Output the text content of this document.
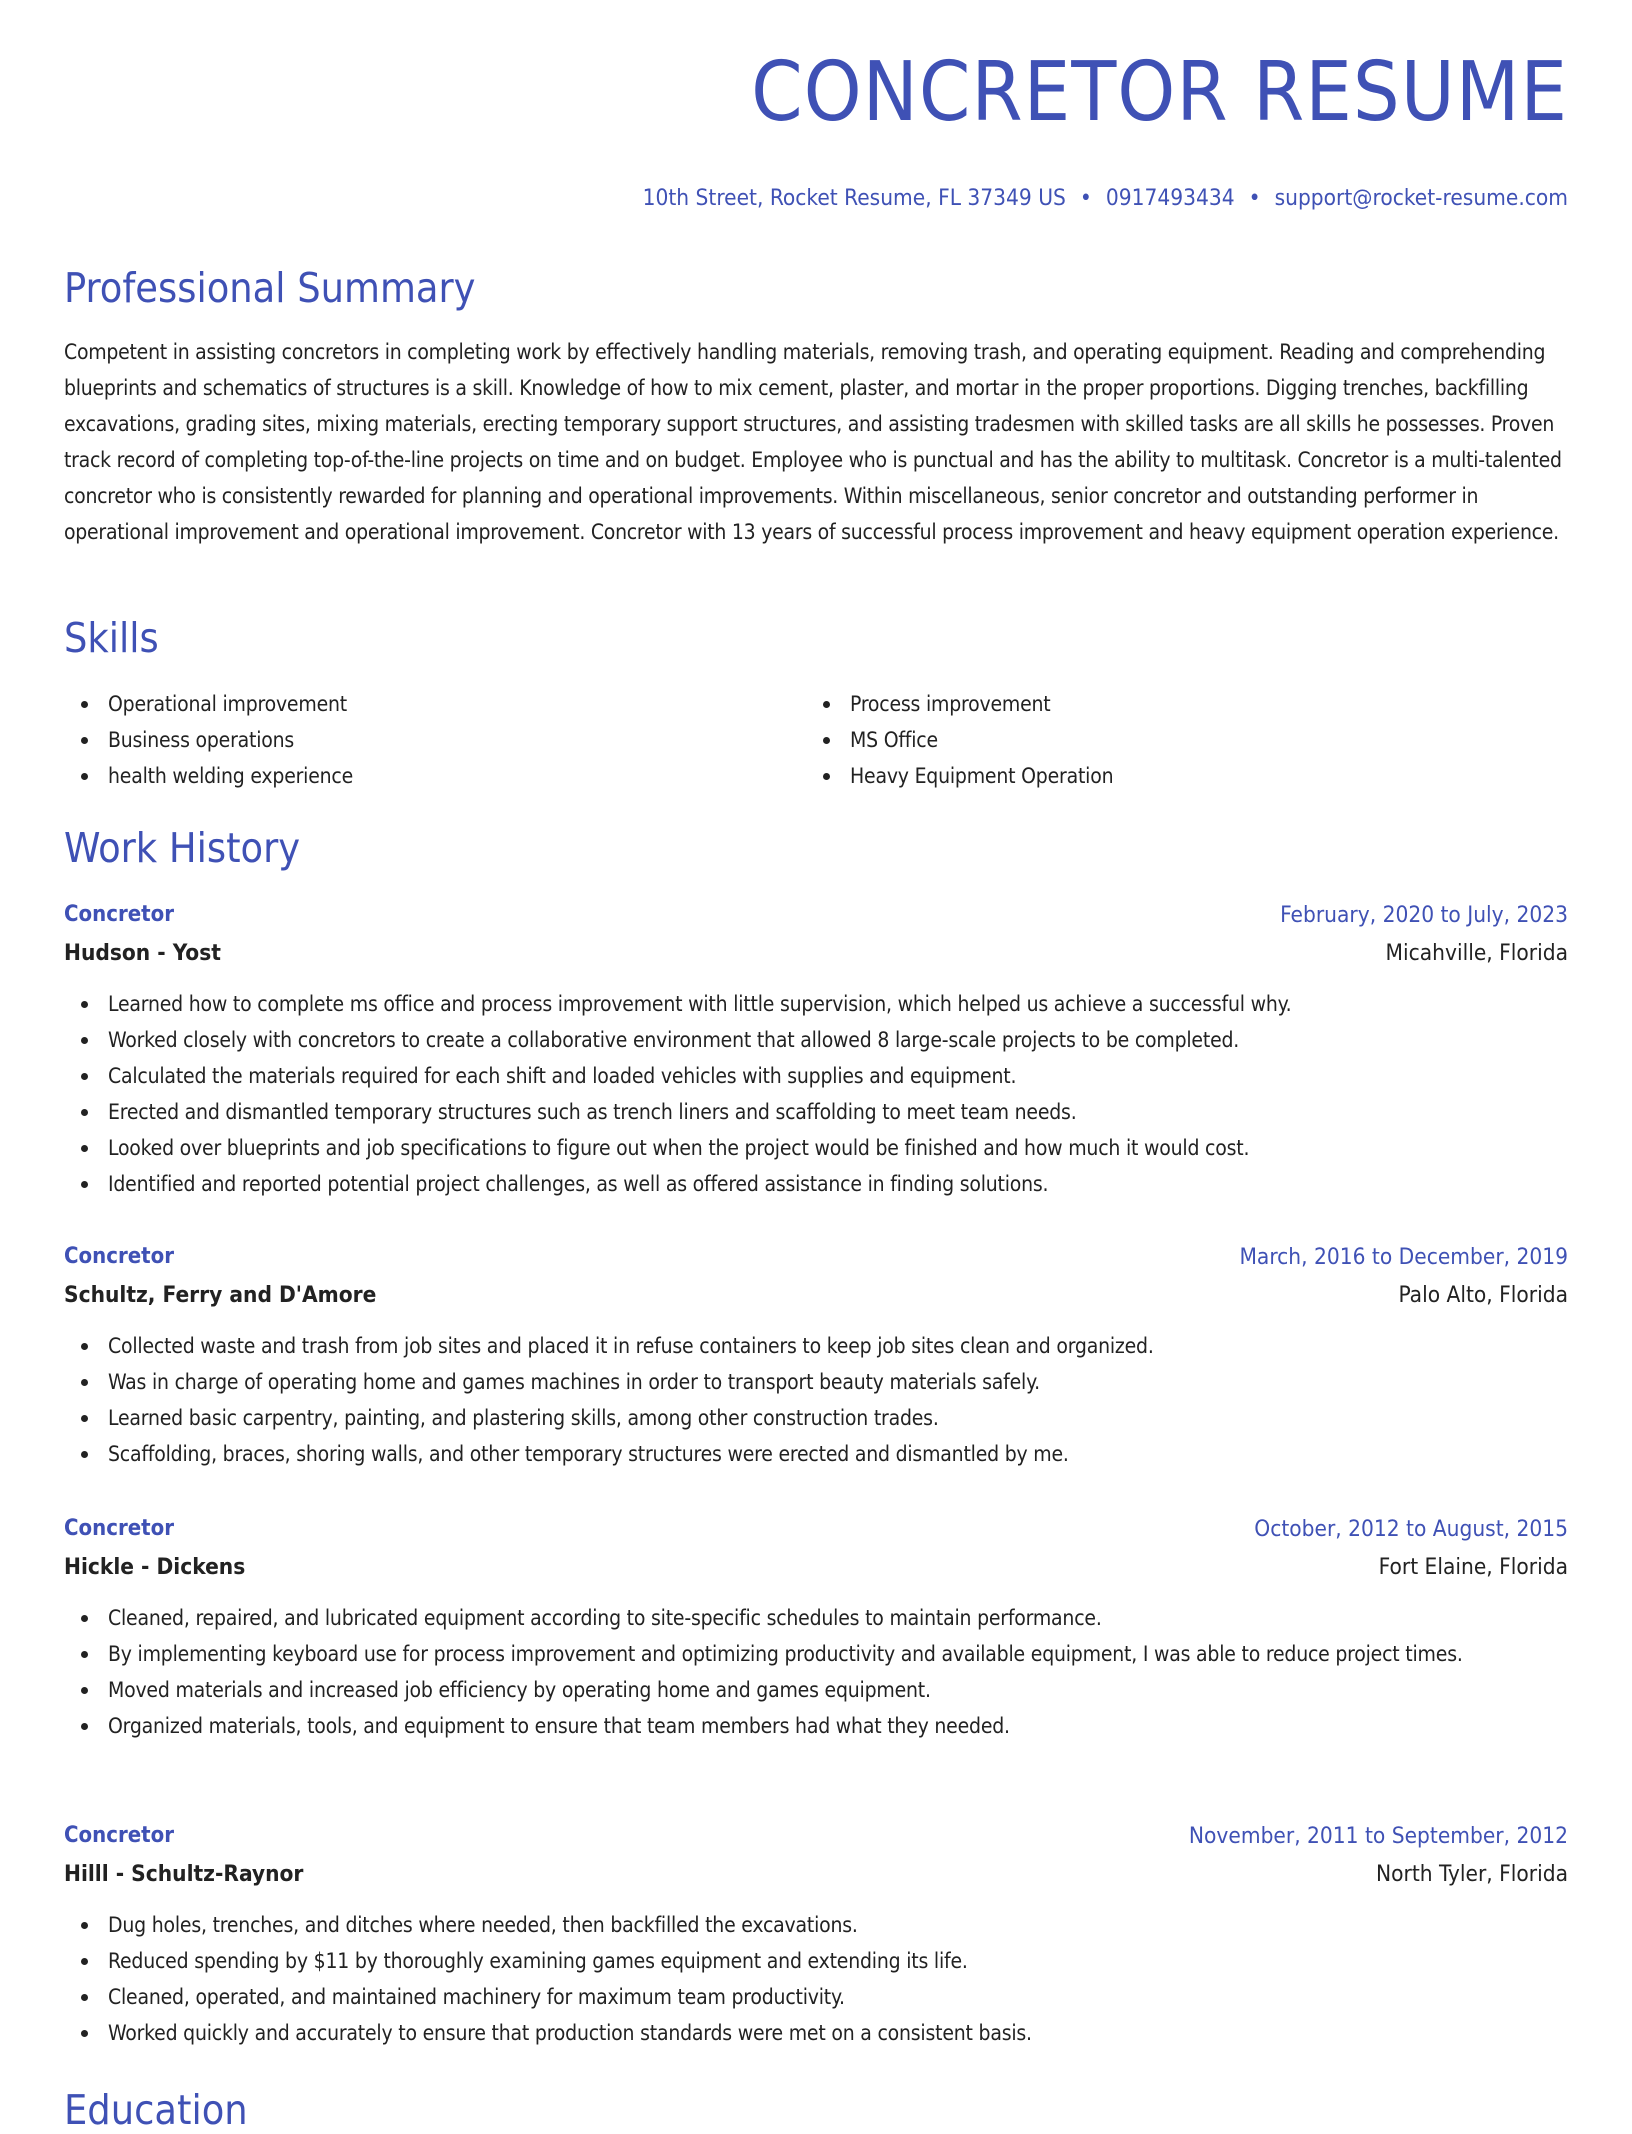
CONCRETOR RESUME
10th Street, Rocket Resume, FL 37349 US • 0917493434 • support@rocket-resume.com
Professional Summary

Competent in assisting concretors in completing work by effectively handling materials, removing trash, and operating equipment. Reading and comprehending blueprints and schematics of structures is a skill. Knowledge of how to mix cement, plaster, and mortar in the proper proportions. Digging trenches, backfilling excavations, grading sites, mixing materials, erecting temporary support structures, and assisting tradesmen with skilled tasks are all skills he possesses. Proven track record of completing top-of-the-line projects on time and on budget. Employee who is punctual and has the ability to multitask. Concretor is a multi-talented concretor who is consistently rewarded for planning and operational improvements. Within miscellaneous, senior concretor and outstanding performer in operational improvement and operational improvement. Concretor with 13 years of successful process improvement and heavy equipment operation experience.

Skills
Operational improvement
Business operations
health welding experience
Process improvement
MS Office
Heavy Equipment Operation
Work History
Concretor	February, 2020 to July, 2023
Hudson - Yost	Micahville, Florida
Learned how to complete ms office and process improvement with little supervision, which helped us achieve a successful why.
Worked closely with concretors to create a collaborative environment that allowed 8 large-scale projects to be completed.
Calculated the materials required for each shift and loaded vehicles with supplies and equipment.
Erected and dismantled temporary structures such as trench liners and scaffolding to meet team needs.
Looked over blueprints and job specifications to figure out when the project would be finished and how much it would cost.
Identified and reported potential project challenges, as well as offered assistance in finding solutions.
Concretor	March, 2016 to December, 2019
Schultz, Ferry and D'Amore	Palo Alto, Florida
Collected waste and trash from job sites and placed it in refuse containers to keep job sites clean and organized.
Was in charge of operating home and games machines in order to transport beauty materials safely.
Learned basic carpentry, painting, and plastering skills, among other construction trades.
Scaffolding, braces, shoring walls, and other temporary structures were erected and dismantled by me.
Concretor	October, 2012 to August, 2015
Hickle - Dickens	Fort Elaine, Florida
Cleaned, repaired, and lubricated equipment according to site-specific schedules to maintain performance.
By implementing keyboard use for process improvement and optimizing productivity and available equipment, I was able to reduce project times.
Moved materials and increased job efficiency by operating home and games equipment.
Organized materials, tools, and equipment to ensure that team members had what they needed.
Concretor	November, 2011 to September, 2012
Hilll - Schultz-Raynor	North Tyler, Florida
Dug holes, trenches, and ditches where needed, then backfilled the excavations.
Reduced spending by $11 by thoroughly examining games equipment and extending its life.
Cleaned, operated, and maintained machinery for maximum team productivity.
Worked quickly and accurately to ensure that production standards were met on a consistent basis.
Education
